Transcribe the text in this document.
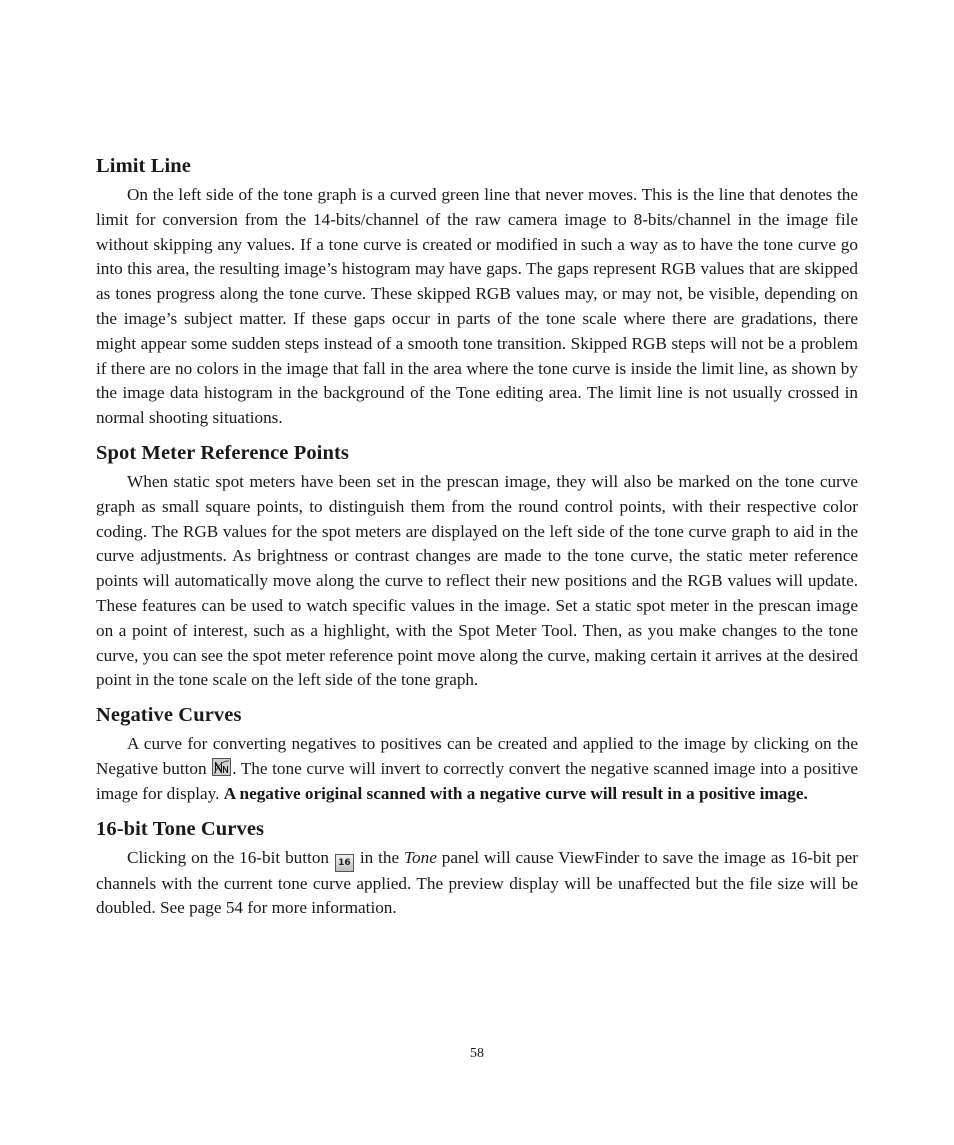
Limit Line

On the left side of the tone graph is a curved green line that never moves. This is the line that denotes the limit for conversion from the 14-bits/channel of the raw camera image to 8-bits/channel in the image file without skipping any values. If a tone curve is created or modified in such a way as to have the tone curve go into this area, the resulting image’s histogram may have gaps. The gaps represent RGB values that are skipped as tones progress along the tone curve. These skipped RGB values may, or may not, be visible, depending on the image’s subject matter. If these gaps occur in parts of the tone scale where there are gradations, there might appear some sudden steps instead of a smooth tone transition. Skipped RGB steps will not be a problem if there are no colors in the image that fall in the area where the tone curve is inside the limit line, as shown by the image data histogram in the background of the Tone editing area. The limit line is not usually crossed in normal shooting situations.

Spot Meter Reference Points

When static spot meters have been set in the prescan image, they will also be marked on the tone curve graph as small square points, to distinguish them from the round control points, with their respective color coding. The RGB values for the spot meters are displayed on the left side of the tone curve graph to aid in the curve adjustments. As brightness or contrast changes are made to the tone curve, the static meter reference points will automatically move along the curve to reflect their new positions and the RGB values will update. These features can be used to watch specific values in the image. Set a static spot meter in the prescan image on a point of interest, such as a highlight, with the Spot Meter Tool. Then, as you make changes to the tone curve, you can see the spot meter reference point move along the curve, making certain it arrives at the desired point in the tone scale on the left side of the tone graph.

Negative Curves

A curve for converting negatives to positives can be created and applied to the image by clicking on the Negative button
. The tone curve will invert to correctly convert the negative scanned image into a positive image for display. A negative original scanned with a negative curve will result in a positive image.

16-bit Tone Curves

Clicking on the 16-bit button 16 in the Tone panel will cause ViewFinder to save the image as 16-bit per channels with the current tone curve applied. The preview display will be unaffected but the file size will be doubled. See page 54 for more information.

58
